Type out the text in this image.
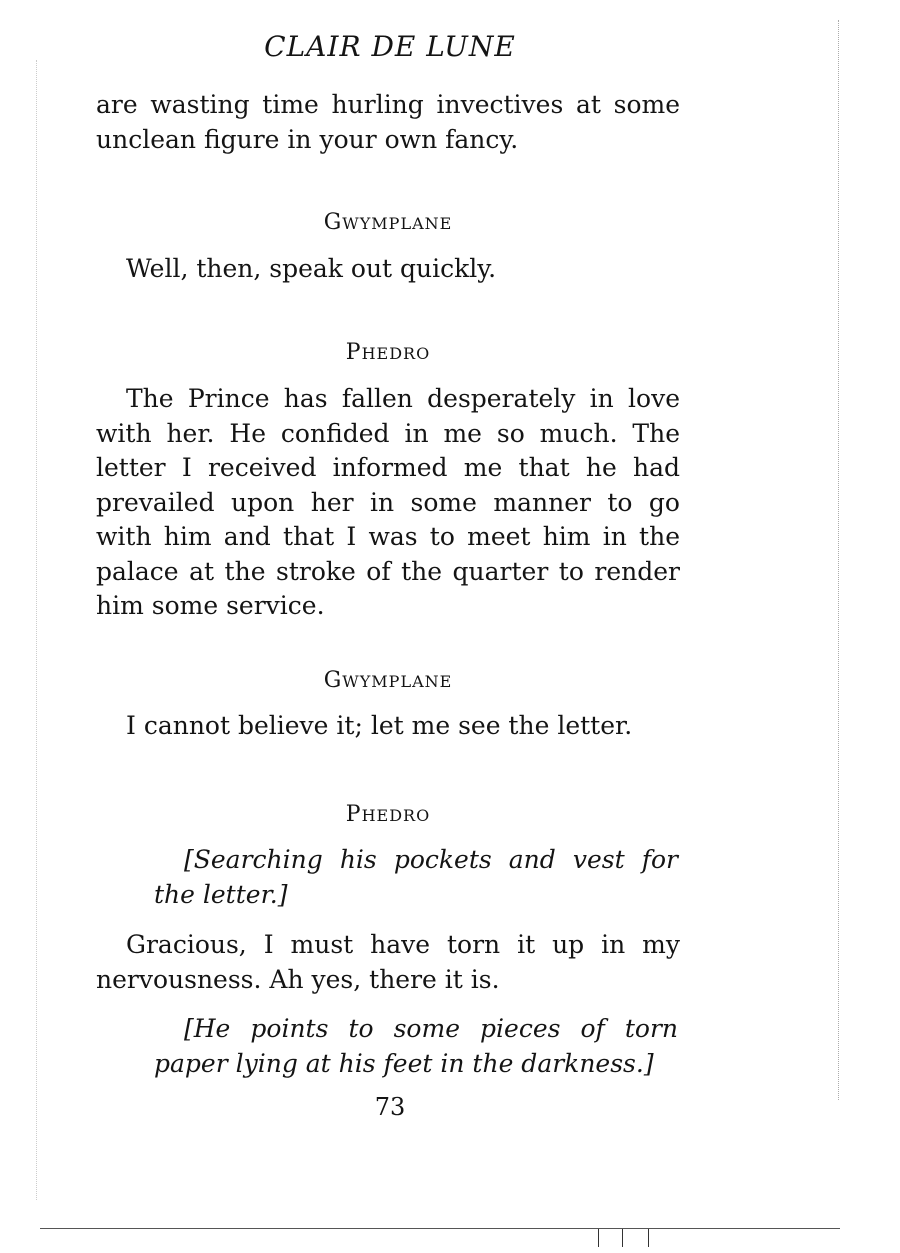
CLAIR DE LUNE
are wasting time hurling invectives at some unclean figure in your own fancy.
GWYMPLANE
Well, then, speak out quickly.
PHEDRO
The Prince has fallen desperately in love with her. He confided in me so much. The letter I received informed me that he had prevailed upon her in some manner to go with him and that I was to meet him in the palace at the stroke of the quarter to render him some service.
GWYMPLANE
I cannot believe it; let me see the letter.
PHEDRO
[Searching his pockets and vest for the letter.]
Gracious, I must have torn it up in my nervousness. Ah yes, there it is.
[He points to some pieces of torn paper lying at his feet in the darkness.]
73
